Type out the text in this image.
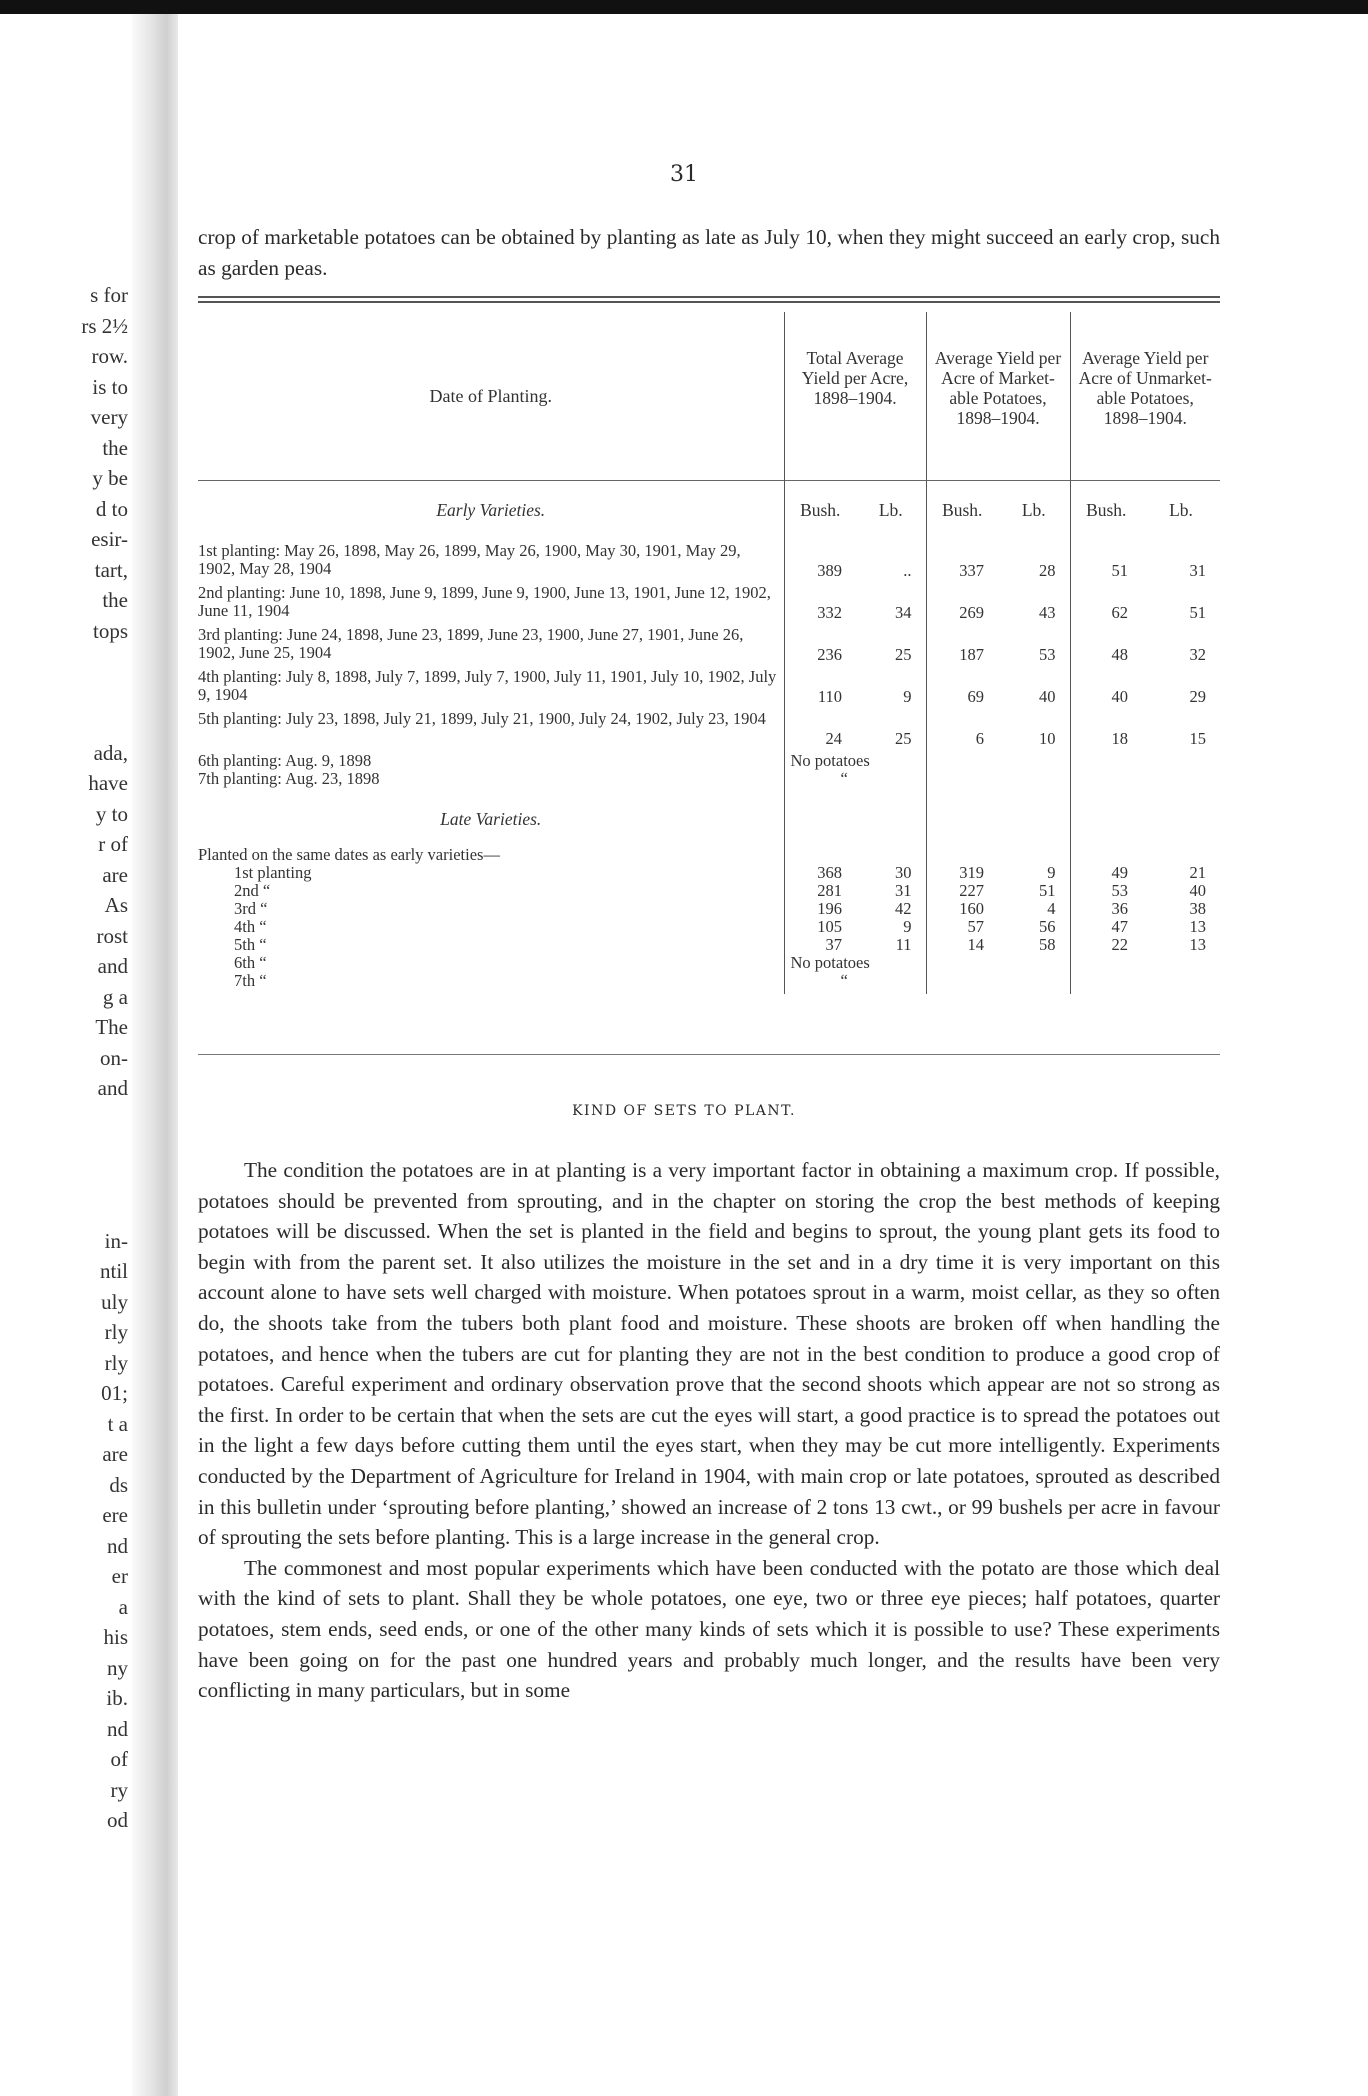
s for
rs 2½
row.
is to
very
the
y be
d to
esir-
tart,
the
tops
ada,
have
y to
r of
are
As
rost
and
g a
The
on-
and
in-
ntil
uly
rly
rly
01;
t a
are
ds
ere
nd
er
a
his
ny
ib.
nd
of
ry
od
31

crop of marketable potatoes can be obtained by planting as late as July 10, when they might succeed an early crop, such as garden peas.

Date of Planting.	Total Average Yield per Acre, 1898–1904.		Average Yield per Acre of Market-able Potatoes, 1898–1904.		Average Yield per Acre of Unmarket-able Potatoes, 1898–1904.	
Early Varieties.	Bush.	Lb.	Bush.	Lb.	Bush.	Lb.

1st planting: May 26, 1898, May 26, 1899, May 26, 1900, May 30, 1901, May 29, 1902, May 28, 1904	389	..	337	28	51	31
2nd planting: June 10, 1898, June 9, 1899, June 9, 1900, June 13, 1901, June 12, 1902, June 11, 1904	332	34	269	43	62	51
3rd planting: June 24, 1898, June 23, 1899, June 23, 1900, June 27, 1901, June 26, 1902, June 25, 1904	236	25	187	53	48	32
4th planting: July 8, 1898, July 7, 1899, July 7, 1900, July 11, 1901, July 10, 1902, July 9, 1904	110	9	69	40	40	29
5th planting: July 23, 1898, July 21, 1899, July 21, 1900, July 24, 1902, July 23, 1904	24	25	6	10	18	15
6th planting: Aug. 9, 1898	No potatoes					
7th planting: Aug. 23, 1898	“					
Late Varieties.						
Planted on the same dates as early varieties—						
1st planting	368	30	319	9	49	21
2nd “	281	31	227	51	53	40
3rd “	196	42	160	4	36	38
4th “	105	9	57	56	47	13
5th “	37	11	14	58	22	13
6th “	No potatoes					
7th “	“					
KIND OF SETS TO PLANT.

The condition the potatoes are in at planting is a very important factor in obtaining a maximum crop. If possible, potatoes should be prevented from sprouting, and in the chapter on storing the crop the best methods of keeping potatoes will be discussed. When the set is planted in the field and begins to sprout, the young plant gets its food to begin with from the parent set. It also utilizes the moisture in the set and in a dry time it is very important on this account alone to have sets well charged with moisture. When potatoes sprout in a warm, moist cellar, as they so often do, the shoots take from the tubers both plant food and moisture. These shoots are broken off when handling the potatoes, and hence when the tubers are cut for planting they are not in the best condition to produce a good crop of potatoes. Careful experiment and ordinary observation prove that the second shoots which appear are not so strong as the first. In order to be certain that when the sets are cut the eyes will start, a good practice is to spread the potatoes out in the light a few days before cutting them until the eyes start, when they may be cut more intelligently. Experiments conducted by the Department of Agriculture for Ireland in 1904, with main crop or late potatoes, sprouted as described in this bulletin under ‘sprouting before planting,’ showed an increase of 2 tons 13 cwt., or 99 bushels per acre in favour of sprouting the sets before planting. This is a large increase in the general crop.

The commonest and most popular experiments which have been conducted with the potato are those which deal with the kind of sets to plant. Shall they be whole potatoes, one eye, two or three eye pieces; half potatoes, quarter potatoes, stem ends, seed ends, or one of the other many kinds of sets which it is possible to use? These experiments have been going on for the past one hundred years and probably much longer, and the results have been very conflicting in many particulars, but in some
